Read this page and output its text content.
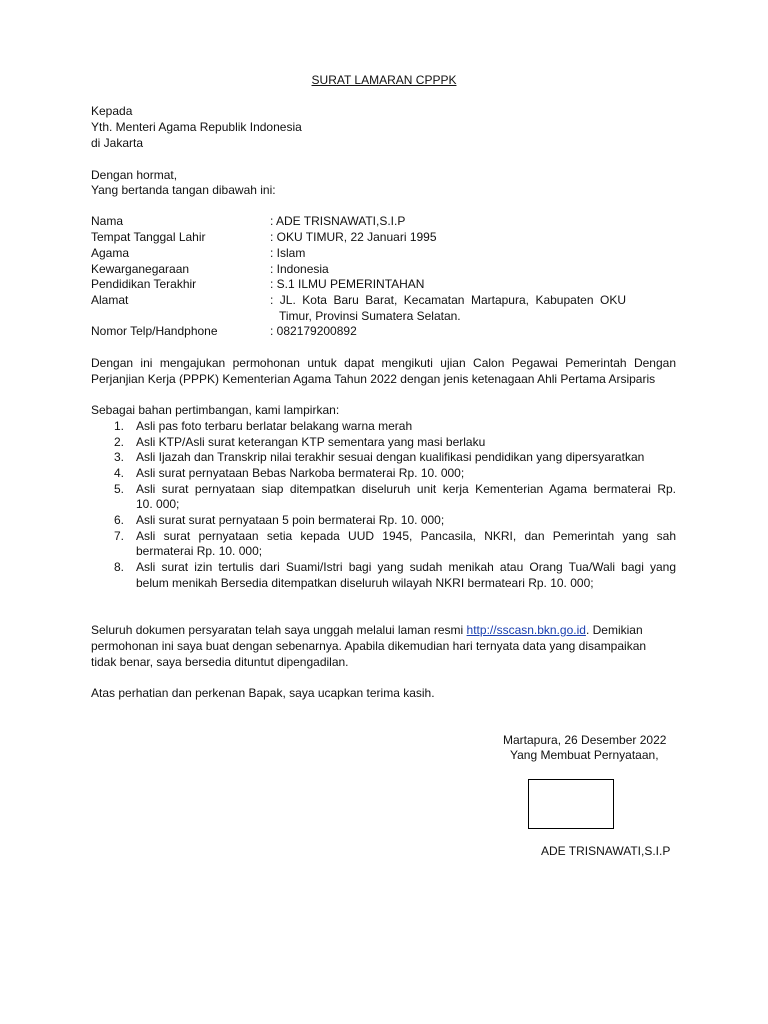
SURAT LAMARAN CPPPK
Kepada
Yth. Menteri Agama Republik Indonesia
di Jakarta
Dengan hormat,
Yang bertanda tangan dibawah ini:
Nama	: ADE TRISNAWATI,S.I.P
Tempat Tanggal Lahir	: OKU TIMUR, 22 Januari 1995
Agama	: Islam
Kewarganegaraan	: Indonesia
Pendidikan Terakhir	: S.1 ILMU PEMERINTAHAN
Alamat	: JL. Kota Baru Barat, Kecamatan Martapura, Kabupaten OKU
Timur, Provinsi Sumatera Selatan.
Nomor Telp/Handphone	: 082179200892
Dengan ini mengajukan permohonan untuk dapat mengikuti ujian Calon Pegawai Pemerintah Dengan
Perjanjian Kerja (PPPK) Kementerian Agama Tahun 2022 dengan jenis ketenagaan Ahli Pertama Arsiparis
Sebagai bahan pertimbangan, kami lampirkan:
1. Asli pas foto terbaru berlatar belakang warna merah
2. Asli KTP/Asli surat keterangan KTP sementara yang masi berlaku
3. Asli Ijazah dan Transkrip nilai terakhir sesuai dengan kualifikasi pendidikan yang dipersyaratkan
4. Asli surat pernyataan Bebas Narkoba bermaterai Rp. 10. 000;
5. Asli surat pernyataan siap ditempatkan diseluruh unit kerja Kementerian Agama bermaterai Rp.
10. 000;
6. Asli surat surat pernyataan 5 poin bermaterai Rp. 10. 000;
7. Asli surat pernyataan setia kepada UUD 1945, Pancasila, NKRI, dan Pemerintah yang sah
bermaterai Rp. 10. 000;
8. Asli surat izin tertulis dari Suami/Istri bagi yang sudah menikah atau Orang Tua/Wali bagi yang
belum menikah Bersedia ditempatkan diseluruh wilayah NKRI bermateari Rp. 10. 000;
Seluruh dokumen persyaratan telah saya unggah melalui laman resmi http://sscasn.bkn.go.id. Demikian
permohonan ini saya buat dengan sebenarnya. Apabila dikemudian hari ternyata data yang disampaikan
tidak benar, saya bersedia dituntut dipengadilan.
Atas perhatian dan perkenan Bapak, saya ucapkan terima kasih.
Martapura, 26 Desember 2022
Yang Membuat Pernyataan,
ADE TRISNAWATI,S.I.P
